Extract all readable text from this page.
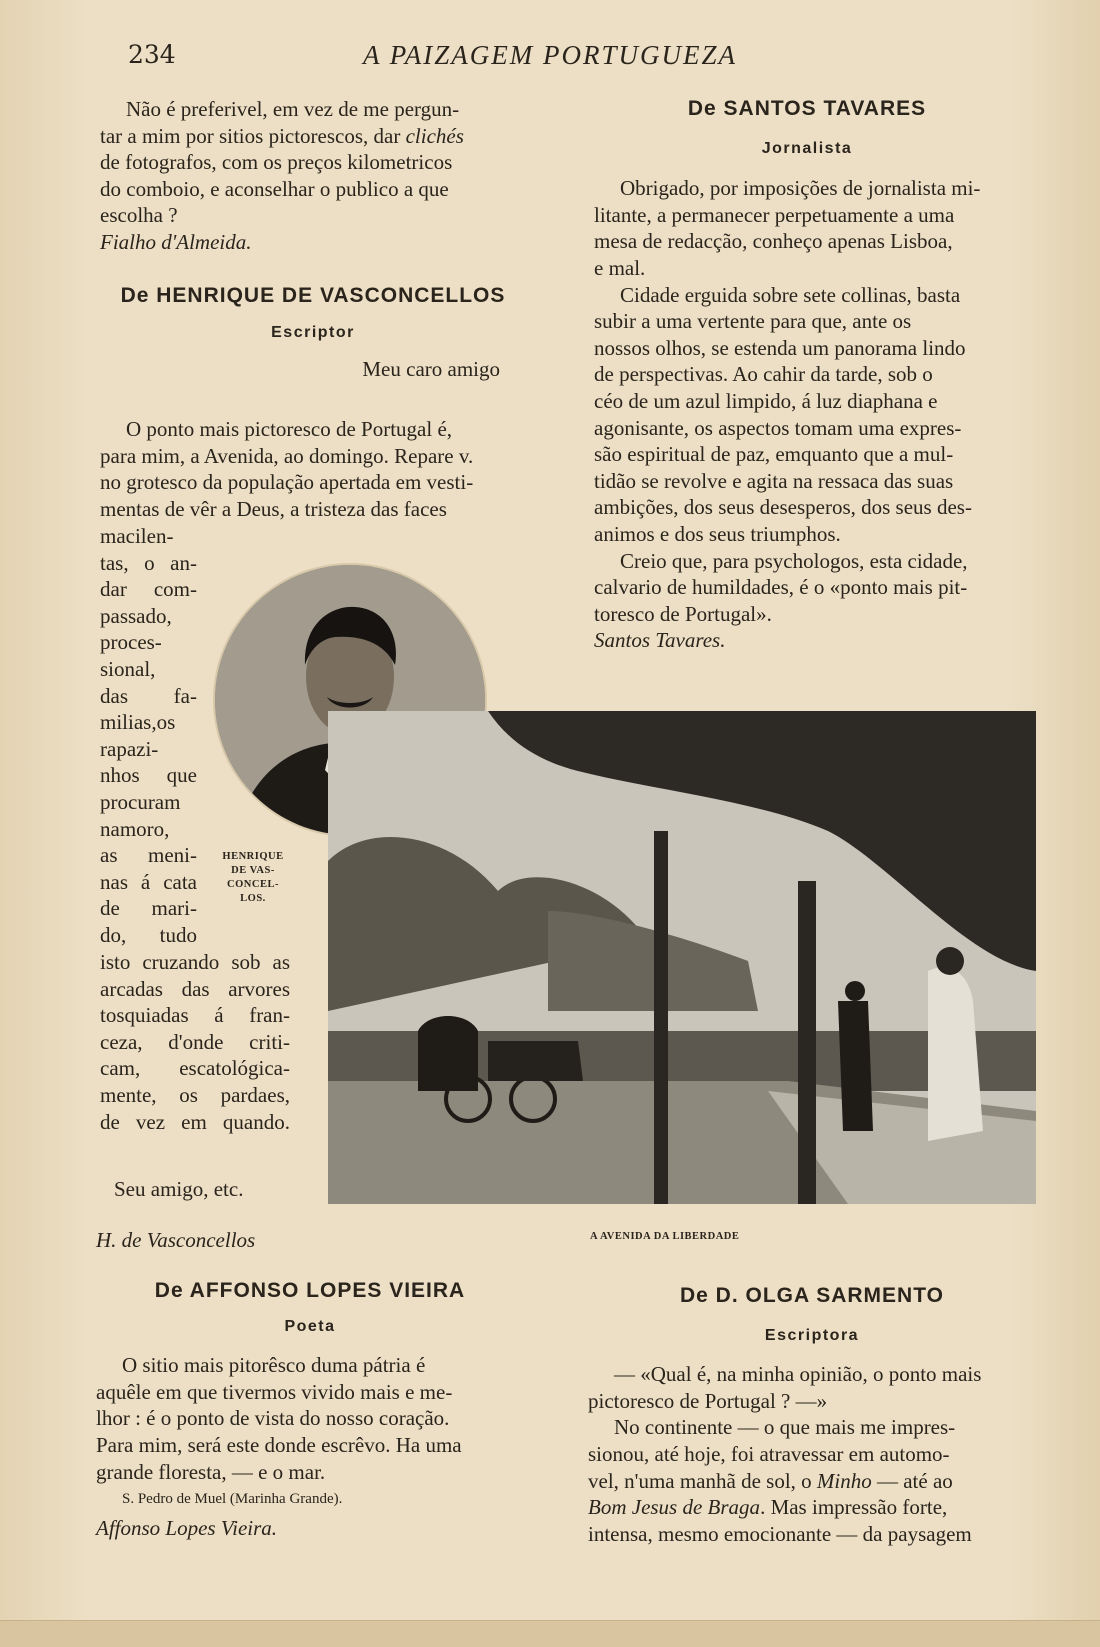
234	A PAIZAGEM PORTUGUEZA

Não é preferivel, em vez de me pergun-

tar a mim por sitios pictorescos, dar clichés

de fotografos, com os preços kilometricos

do comboio, e aconselhar o publico a que

escolha ?

Fialho d'Almeida.

De HENRIQUE DE VASCONCELLOS
Escriptor

Meu caro amigo

O ponto mais pictoresco de Portugal é,

para mim, a Avenida, ao domingo. Repare v.

no grotesco da população apertada em vesti-

mentas de vêr a Deus, a tristeza das faces

macilen-
tas, o an-
dar com-
passado,
proces-
sional,
das fa-
milias,os
rapazi-
nhos que
procuram
namoro,
as meni-
nas á cata
de mari-
do, tudo

isto cruzando sob as

arcadas das arvores

tosquiadas á fran-

ceza, d'onde criti-

cam, escatológica-

mente, os pardaes,

de vez em quando.

Seu amigo, etc.
H. de Vasconcellos
HENRIQUE
DE VAS-
CONCEL-
LOS.
A AVENIDA DA LIBERDADE
De AFFONSO LOPES VIEIRA
Poeta

O sitio mais pitorêsco duma pátria é

aquêle em que tivermos vivido mais e me-

lhor : é o ponto de vista do nosso coração.

Para mim, será este donde escrêvo. Ha uma

grande floresta, — e o mar.

S. Pedro de Muel (Marinha Grande).

Affonso Lopes Vieira.

De SANTOS TAVARES
Jornalista

Obrigado, por imposições de jornalista mi-

litante, a permanecer perpetuamente a uma

mesa de redacção, conheço apenas Lisboa,

e mal.

Cidade erguida sobre sete collinas, basta

subir a uma vertente para que, ante os

nossos olhos, se estenda um panorama lindo

de perspectivas. Ao cahir da tarde, sob o

céo de um azul limpido, á luz diaphana e

agonisante, os aspectos tomam uma expres-

são espiritual de paz, emquanto que a mul-

tidão se revolve e agita na ressaca das suas

ambições, dos seus desesperos, dos seus des-

animos e dos seus triumphos.

Creio que, para psychologos, esta cidade,

calvario de humildades, é o «ponto mais pit-

toresco de Portugal».

Santos Tavares.

De D. OLGA SARMENTO
Escriptora

— «Qual é, na minha opinião, o ponto mais

pictoresco de Portugal ? —»

No continente — o que mais me impres-

sionou, até hoje, foi atravessar em automo-

vel, n'uma manhã de sol, o Minho — até ao

Bom Jesus de Braga. Mas impressão forte,

intensa, mesmo emocionante — da paysagem
